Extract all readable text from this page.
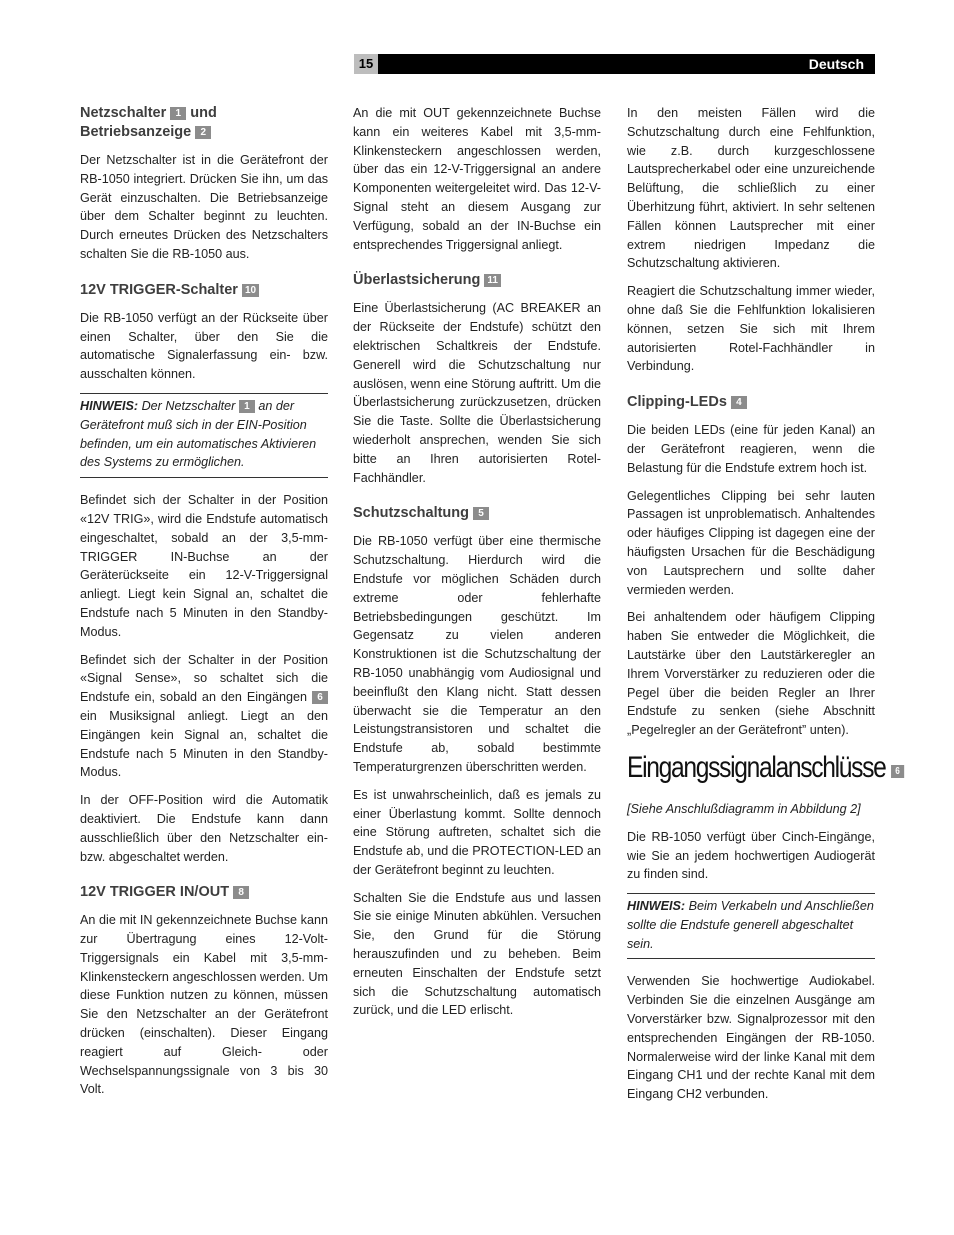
15	Deutsch
Netzschalter 1 und
Betriebsanzeige 2

Der Netzschalter ist in die Gerätefront der RB-1050 integriert. Drücken Sie ihn, um das Gerät einzuschalten. Die Betriebsanzeige über dem Schalter beginnt zu leuchten. Durch erneutes Drücken des Netzschalters schalten Sie die RB-1050 aus.

12V TRIGGER-Schalter 10

Die RB-1050 verfügt an der Rückseite über einen Schalter, über den Sie die automatische Signalerfassung ein- bzw. ausschalten können.

HINWEIS: Der Netzschalter 1 an der Gerätefront muß sich in der EIN-Position befinden, um ein automatisches Aktivieren des Systems zu ermöglichen.

Befindet sich der Schalter in der Position «12V TRIG», wird die Endstufe automatisch eingeschaltet, sobald an der 3,5-mm-TRIGGER IN-Buchse an der Geräterückseite ein 12-V-Triggersignal anliegt. Liegt kein Signal an, schaltet die Endstufe nach 5 Minuten in den Standby-Modus.

Befindet sich der Schalter in der Position «Signal Sense», so schaltet sich die Endstufe ein, sobald an den Eingängen 6 ein Musiksignal anliegt. Liegt an den Eingängen kein Signal an, schaltet die Endstufe nach 5 Minuten in den Standby-Modus.

In der OFF-Position wird die Automatik deaktiviert. Die Endstufe kann dann ausschließlich über den Netzschalter ein- bzw. abgeschaltet werden.

12V TRIGGER IN/OUT 8

An die mit IN gekennzeichnete Buchse kann zur Übertragung eines 12-Volt-Triggersignals ein Kabel mit 3,5-mm-Klinkensteckern angeschlossen werden. Um diese Funktion nutzen zu können, müssen Sie den Netzschalter an der Gerätefront drücken (einschalten). Dieser Eingang reagiert auf Gleich- oder Wechselspannungssignale von 3 bis 30 Volt.

An die mit OUT gekennzeichnete Buchse kann ein weiteres Kabel mit 3,5-mm-Klinkensteckern angeschlossen werden, über das ein 12-V-Triggersignal an andere Komponenten weitergeleitet wird. Das 12-V-Signal steht an diesem Ausgang zur Verfügung, sobald an der IN-Buchse ein entsprechendes Triggersignal anliegt.

Überlastsicherung 11

Eine Überlastsicherung (AC BREAKER an der Rückseite der Endstufe) schützt den elektrischen Schaltkreis der Endstufe. Generell wird die Schutzschaltung nur auslösen, wenn eine Störung auftritt. Um die Überlastsicherung zurückzusetzen, drücken Sie die Taste. Sollte die Überlastsicherung wiederholt ansprechen, wenden Sie sich bitte an Ihren autorisierten Rotel-Fachhändler.

Schutzschaltung 5

Die RB-1050 verfügt über eine thermische Schutzschaltung. Hierdurch wird die Endstufe vor möglichen Schäden durch extreme oder fehlerhafte Betriebsbedingungen geschützt. Im Gegensatz zu vielen anderen Konstruktionen ist die Schutzschaltung der RB-1050 unabhängig vom Audiosignal und beeinflußt den Klang nicht. Statt dessen überwacht sie die Temperatur an den Leistungstransistoren und schaltet die Endstufe ab, sobald bestimmte Temperaturgrenzen überschritten werden.

Es ist unwahrscheinlich, daß es jemals zu einer Überlastung kommt. Sollte dennoch eine Störung auftreten, schaltet sich die Endstufe ab, und die PROTECTION-LED an der Gerätefront beginnt zu leuchten.

Schalten Sie die Endstufe aus und lassen Sie sie einige Minuten abkühlen. Versuchen Sie, den Grund für die Störung herauszufinden und zu beheben. Beim erneuten Einschalten der Endstufe setzt sich die Schutzschaltung automatisch zurück, und die LED erlischt.

In den meisten Fällen wird die Schutzschaltung durch eine Fehlfunktion, wie z.B. durch kurzgeschlossene Lautsprecherkabel oder eine unzureichende Belüftung, die schließlich zu einer Überhitzung führt, aktiviert. In sehr seltenen Fällen können Lautsprecher mit einer extrem niedrigen Impedanz die Schutzschaltung aktivieren.

Reagiert die Schutzschaltung immer wieder, ohne daß Sie die Fehlfunktion lokalisieren können, setzen Sie sich mit Ihrem autorisierten Rotel-Fachhändler in Verbindung.

Clipping-LEDs 4

Die beiden LEDs (eine für jeden Kanal) an der Gerätefront reagieren, wenn die Belastung für die Endstufe extrem hoch ist.

Gelegentliches Clipping bei sehr lauten Passagen ist unproblematisch. Anhaltendes oder häufiges Clipping ist dagegen eine der häufigsten Ursachen für die Beschädigung von Lautsprechern und sollte daher vermieden werden.

Bei anhaltendem oder häufigem Clipping haben Sie entweder die Möglichkeit, die Lautstärke über den Lautstärkeregler an Ihrem Vorverstärker zu reduzieren oder die Pegel über die beiden Regler an Ihrer Endstufe zu senken (siehe Abschnitt „Pegelregler an der Gerätefront” unten).

Eingangssignalanschlüsse 6

[Siehe Anschlußdiagramm in Abbildung 2]

Die RB-1050 verfügt über Cinch-Eingänge, wie Sie an jedem hochwertigen Audiogerät zu finden sind.

HINWEIS: Beim Verkabeln und Anschließen sollte die Endstufe generell abgeschaltet sein.

Verwenden Sie hochwertige Audiokabel. Verbinden Sie die einzelnen Ausgänge am Vorverstärker bzw. Signalprozessor mit den entsprechenden Eingängen der RB-1050. Normalerweise wird der linke Kanal mit dem Eingang CH1 und der rechte Kanal mit dem Eingang CH2 verbunden.
